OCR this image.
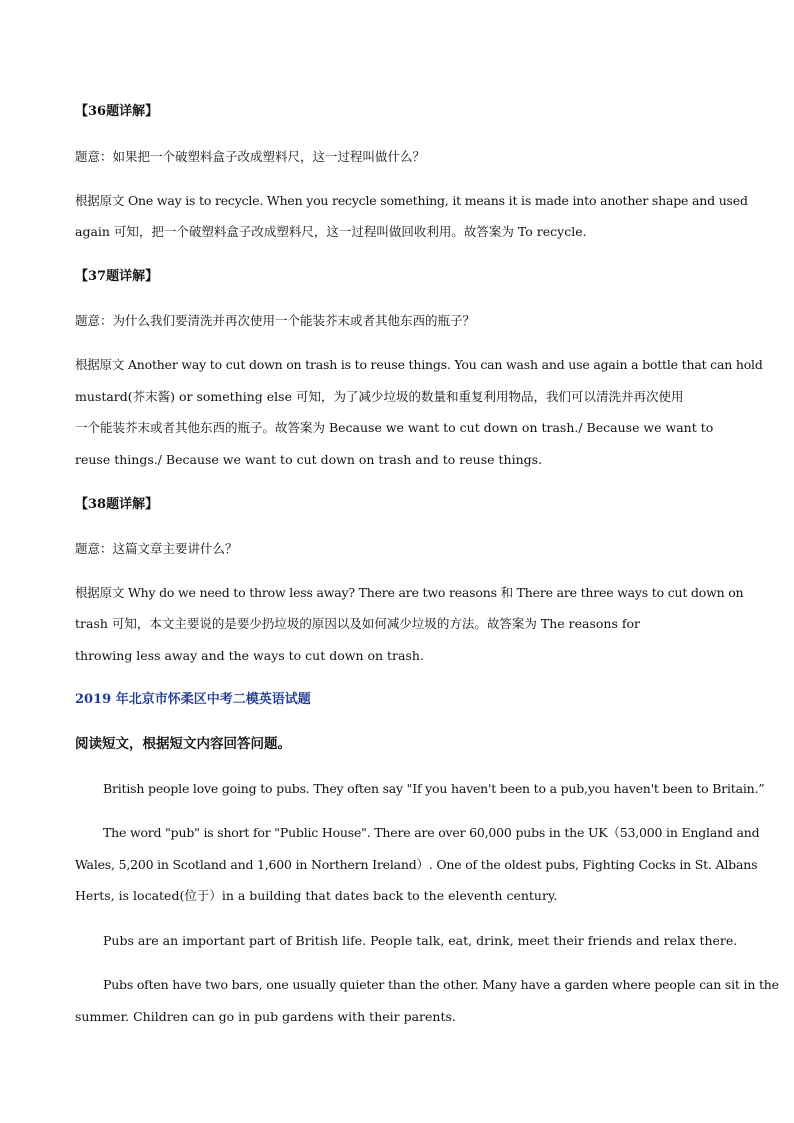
【36题详解】
题意：如果把一个破塑料盒子改成塑料尺，这一过程叫做什么？
根据原文 One way is to recycle. When you recycle something, it means it is made into another shape and used
again 可知，把一个破塑料盒子改成塑料尺，这一过程叫做回收利用。故答案为 To recycle.
【37题详解】
题意：为什么我们要清洗并再次使用一个能装芥末或者其他东西的瓶子？
根据原文 Another way to cut down on trash is to reuse things. You can wash and use again a bottle that can hold
mustard(芥末酱) or something else 可知，为了减少垃圾的数量和重复利用物品，我们可以清洗并再次使用
一个能装芥末或者其他东西的瓶子。故答案为 Because we want to cut down on trash./ Because we want to
reuse things./ Because we want to cut down on trash and to reuse things.
【38题详解】
题意：这篇文章主要讲什么？
根据原文 Why do we need to throw less away? There are two reasons 和 There are three ways to cut down on
trash 可知，本文主要说的是要少扔垃圾的原因以及如何减少垃圾的方法。故答案为 The reasons for
throwing less away and the ways to cut down on trash.
2019 年北京市怀柔区中考二模英语试题
阅读短文，根据短文内容回答问题。
British people love going to pubs. They often say "If you haven't been to a pub,you haven't been to Britain.”
The word "pub" is short for "Public House". There are over 60,000 pubs in the UK（53,000 in England and
Wales, 5,200 in Scotland and 1,600 in Northern Ireland）. One of the oldest pubs, Fighting Cocks in St. Albans
Herts, is located(位于）in a building that dates back to the eleventh century.
Pubs are an important part of British life. People talk, eat, drink, meet their friends and relax there.
Pubs often have two bars, one usually quieter than the other. Many have a garden where people can sit in the
summer. Children can go in pub gardens with their parents.
